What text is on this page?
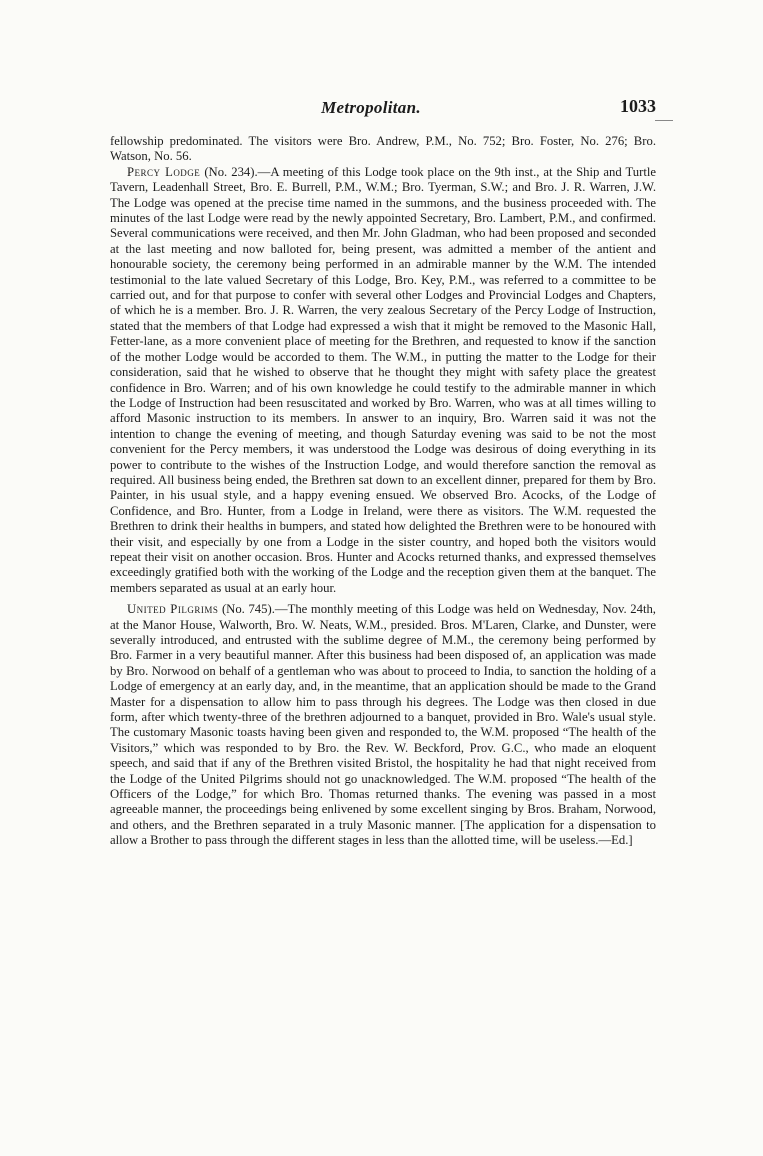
Metropolitan.	1033

fellowship predominated. The visitors were Bro. Andrew, P.M., No. 752; Bro. Foster, No. 276; Bro. Watson, No. 56.

Percy Lodge (No. 234).—A meeting of this Lodge took place on the 9th inst., at the Ship and Turtle Tavern, Leadenhall Street, Bro. E. Burrell, P.M., W.M.; Bro. Tyerman, S.W.; and Bro. J. R. Warren, J.W. The Lodge was opened at the precise time named in the summons, and the business proceeded with. The minutes of the last Lodge were read by the newly appointed Secretary, Bro. Lambert, P.M., and confirmed. Several communications were received, and then Mr. John Gladman, who had been proposed and seconded at the last meeting and now balloted for, being present, was admitted a member of the antient and honourable society, the ceremony being performed in an admirable manner by the W.M. The intended testimonial to the late valued Secretary of this Lodge, Bro. Key, P.M., was referred to a committee to be carried out, and for that purpose to confer with several other Lodges and Provincial Lodges and Chapters, of which he is a member. Bro. J. R. Warren, the very zealous Secretary of the Percy Lodge of Instruction, stated that the members of that Lodge had expressed a wish that it might be removed to the Masonic Hall, Fetter-lane, as a more convenient place of meeting for the Brethren, and requested to know if the sanction of the mother Lodge would be accorded to them. The W.M., in putting the matter to the Lodge for their consideration, said that he wished to observe that he thought they might with safety place the greatest confidence in Bro. Warren; and of his own knowledge he could testify to the admirable manner in which the Lodge of Instruction had been resuscitated and worked by Bro. Warren, who was at all times willing to afford Masonic instruction to its members. In answer to an inquiry, Bro. Warren said it was not the intention to change the evening of meeting, and though Saturday evening was said to be not the most convenient for the Percy members, it was understood the Lodge was desirous of doing everything in its power to contribute to the wishes of the Instruction Lodge, and would therefore sanction the removal as required. All business being ended, the Brethren sat down to an excellent dinner, prepared for them by Bro. Painter, in his usual style, and a happy evening ensued. We observed Bro. Acocks, of the Lodge of Confidence, and Bro. Hunter, from a Lodge in Ireland, were there as visitors. The W.M. requested the Brethren to drink their healths in bumpers, and stated how delighted the Brethren were to be honoured with their visit, and especially by one from a Lodge in the sister country, and hoped both the visitors would repeat their visit on another occasion. Bros. Hunter and Acocks returned thanks, and expressed themselves exceedingly gratified both with the working of the Lodge and the reception given them at the banquet. The members separated as usual at an early hour.

United Pilgrims (No. 745).—The monthly meeting of this Lodge was held on Wednesday, Nov. 24th, at the Manor House, Walworth, Bro. W. Neats, W.M., presided. Bros. M'Laren, Clarke, and Dunster, were severally introduced, and entrusted with the sublime degree of M.M., the ceremony being performed by Bro. Farmer in a very beautiful manner. After this business had been disposed of, an application was made by Bro. Norwood on behalf of a gentleman who was about to proceed to India, to sanction the holding of a Lodge of emergency at an early day, and, in the meantime, that an application should be made to the Grand Master for a dispensation to allow him to pass through his degrees. The Lodge was then closed in due form, after which twenty-three of the brethren adjourned to a banquet, provided in Bro. Wale's usual style. The customary Masonic toasts having been given and responded to, the W.M. proposed “The health of the Visitors,” which was responded to by Bro. the Rev. W. Beckford, Prov. G.C., who made an eloquent speech, and said that if any of the Brethren visited Bristol, the hospitality he had that night received from the Lodge of the United Pilgrims should not go unacknowledged. The W.M. proposed “The health of the Officers of the Lodge,” for which Bro. Thomas returned thanks. The evening was passed in a most agreeable manner, the proceedings being enlivened by some excellent singing by Bros. Braham, Norwood, and others, and the Brethren separated in a truly Masonic manner. [The application for a dispensation to allow a Brother to pass through the different stages in less than the allotted time, will be useless.—Ed.]
